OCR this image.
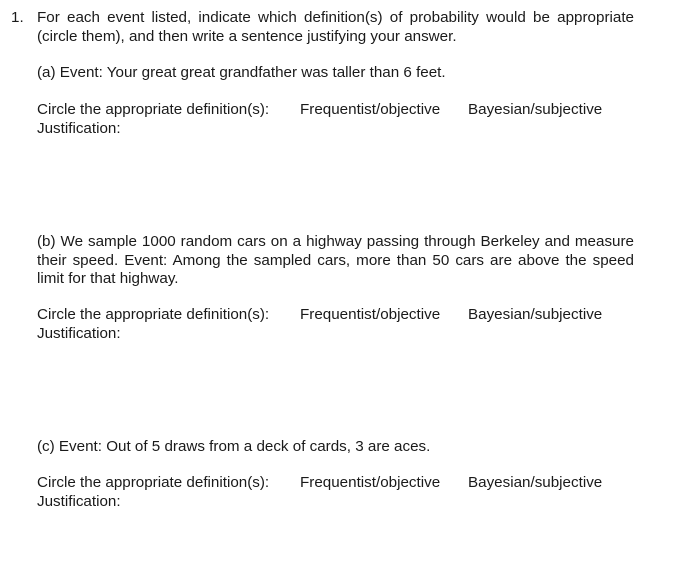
1. For each event listed, indicate which definition(s) of probability would be appropriate (circle them), and then write a sentence justifying your answer.
(a) Event: Your great great grandfather was taller than 6 feet.
Circle the appropriate definition(s): Frequentist/objective Bayesian/subjective
Justification:
(b) We sample 1000 random cars on a highway passing through Berkeley and measure their speed. Event: Among the sampled cars, more than 50 cars are above the speed limit for that highway.
Circle the appropriate definition(s): Frequentist/objective Bayesian/subjective
Justification:
(c) Event: Out of 5 draws from a deck of cards, 3 are aces.
Circle the appropriate definition(s): Frequentist/objective Bayesian/subjective
Justification:
